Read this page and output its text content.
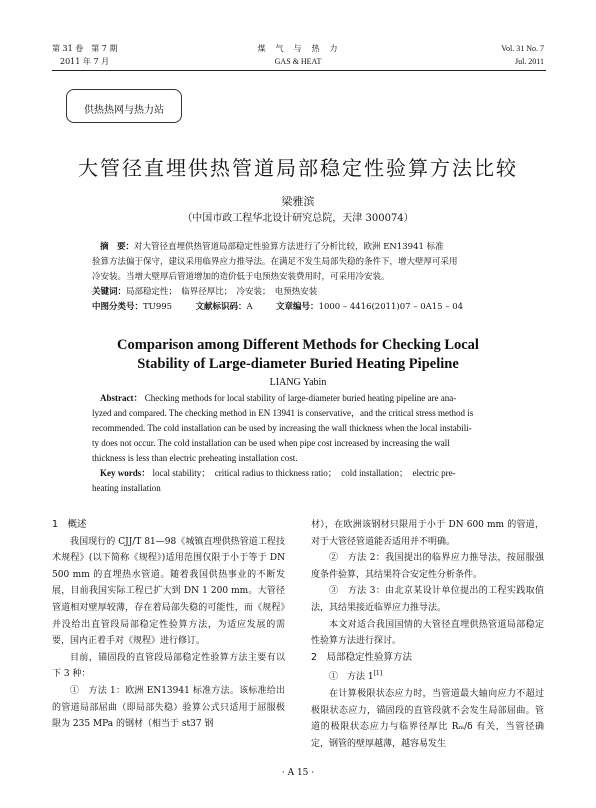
第 31 卷　第 7 期
2011 年 7 月
煤　气　与　热　力
GAS & HEAT
Vol. 31 No. 7
Jul. 2011
供热热网与热力站
大管径直埋供热管道局部稳定性验算方法比较
梁雅滨
（中国市政工程华北设计研究总院，天津 300074）
摘　要：对大管径直埋供热管道局部稳定性验算方法进行了分析比较，欧洲 EN13941 标准
验算方法偏于保守，建议采用临界应力推导法。在满足不发生局部失稳的条件下，增大壁厚可采用
冷安装。当增大壁厚后管道增加的造价低于电预热安装费用时，可采用冷安装。
关键词：局部稳定性；　临界径厚比；　冷安装；　电预热安装
中图分类号：TU995	文献标识码：A	文章编号：1000 – 4416(2011)07 – 0A15 – 04
Comparison among Different Methods for Checking Local
Stability of Large-diameter Buried Heating Pipeline
LIANG Yabin
Abstract： Checking methods for local stability of large-diameter buried heating pipeline are ana-
lyzed and compared. The checking method in EN 13941 is conservative，and the critical stress method is
recommended. The cold installation can be used by increasing the wall thickness when the local instabili-
ty does not occur. The cold installation can be used when pipe cost increased by increasing the wall
thickness is less than electric preheating installation cost.
Key words： local stability；　critical radius to thickness ratio；　cold installation；　electric pre-
heating installation

1　概述

我国现行的 CJJ/T 81—98《城镇直埋供热管道工程技术规程》(以下简称《规程》)适用范围仅限于小于等于 DN 500 mm 的直埋热水管道。随着我国供热事业的不断发展，目前我国实际工程已扩大到 DN 1 200 mm。大管径管道相对壁厚较薄，存在着局部失稳的可能性，而《规程》并没给出直管段局部稳定性验算方法，为适应发展的需要，国内正着手对《规程》进行修订。

目前，锚固段的直管段局部稳定性验算方法主要有以下 3 种：

①　方法 1：欧洲 EN13941 标准方法。该标准给出的管道局部屈曲（即局部失稳）验算公式只适用于屈服极限为 235 MPa 的钢材（相当于 st37 钢

材），在欧洲该钢材只限用于小于 DN 600 mm 的管道，对于大管径管道能否适用并不明确。

②　方法 2：我国提出的临界应力推导法，按屈服强度条件验算，其结果符合安定性分析条件。

③　方法 3：由北京某设计单位提出的工程实践取值法，其结果接近临界应力推导法。

本文对适合我国国情的大管径直埋供热管道局部稳定性验算方法进行探讨。

2　局部稳定性验算方法

①　方法 1[1]

在计算极限状态应力时，当管道最大轴向应力不超过极限状态应力，锚固段的直管段就不会发生局部屈曲。管道的极限状态应力与临界径厚比 Rₘ/δ 有关，当管径确定，钢管的壁厚越薄，越容易发生

· A 15 ·
